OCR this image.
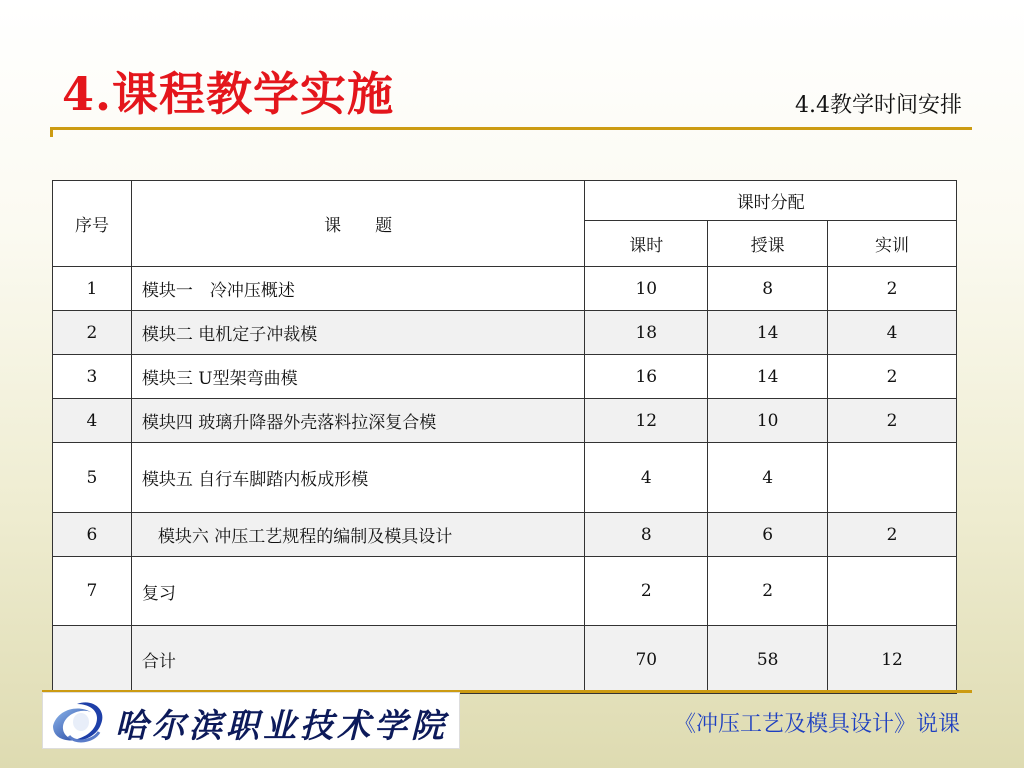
4.课程教学实施	4.4教学时间安排
序号	课　　题	课时分配		
		课时	授课	实训
1	模块一　冷冲压概述	10	8	2
2	模块二 电机定子冲裁模	18	14	4
3	模块三 U型架弯曲模	16	14	2
4	模块四 玻璃升降器外壳落料拉深复合模	12	10	2
5	模块五 自行车脚踏内板成形模	4	4	
6	模块六 冲压工艺规程的编制及模具设计	8	6	2
7	复习	2	2	
	合计	70	58	12
哈尔滨职业技术学院	《冲压工艺及模具设计》说课
